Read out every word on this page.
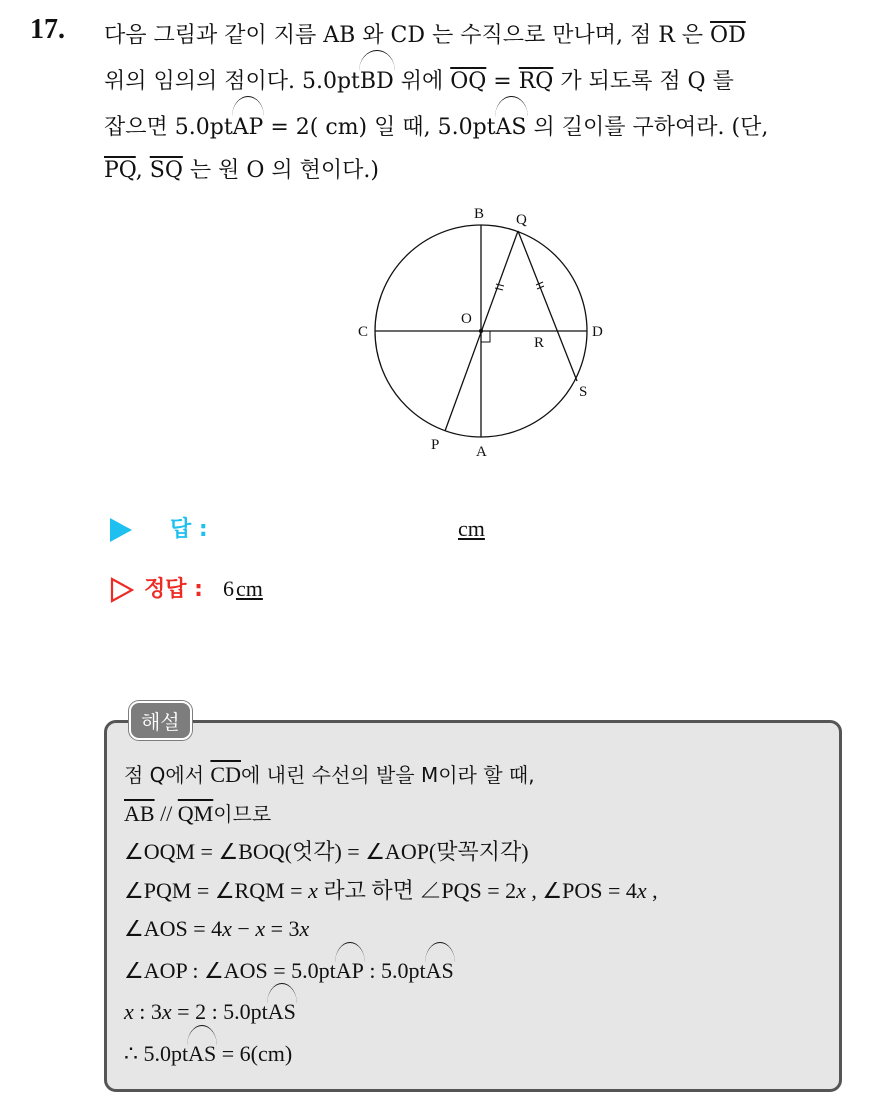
17. 다음 그림과 같이 지름 AB 와 CD 는 수직으로 만나며, 점 R 은 $\overline{OD}$
위의 임의의 점이다. 5.0ptBD 위에 $\overline{OQ} = \overline{RQ}$ 가 되도록 점 Q 를
잡으면 5.0ptAP = 2( cm) 일 때, 5.0ptAS 의 길이를 구하여라. (단,
$\overline{PQ}$, $\overline{SQ}$ 는 원 O 의 현이다.)
B Q
O
C	D
R
S
P A
답 :	cm
정답 : 6cm
해설
점 Q에서 $\overline{CD}$에 내린 수선의 발을 M이라 할 때,
$\overline{AB} // \overline{QM}$이므로
∠OQM = ∠BOQ(엇각) = ∠AOP(맞꼭지각)
∠PQM = ∠RQM = x 라고 하면 ∠PQS = 2x , ∠POS = 4x ,
∠AOS = 4x − x = 3x
∠AOP : ∠AOS = 5.0ptAP : 5.0ptAS
x : 3x = 2 : 5.0ptAS
∴ 5.0ptAS = 6(cm)
